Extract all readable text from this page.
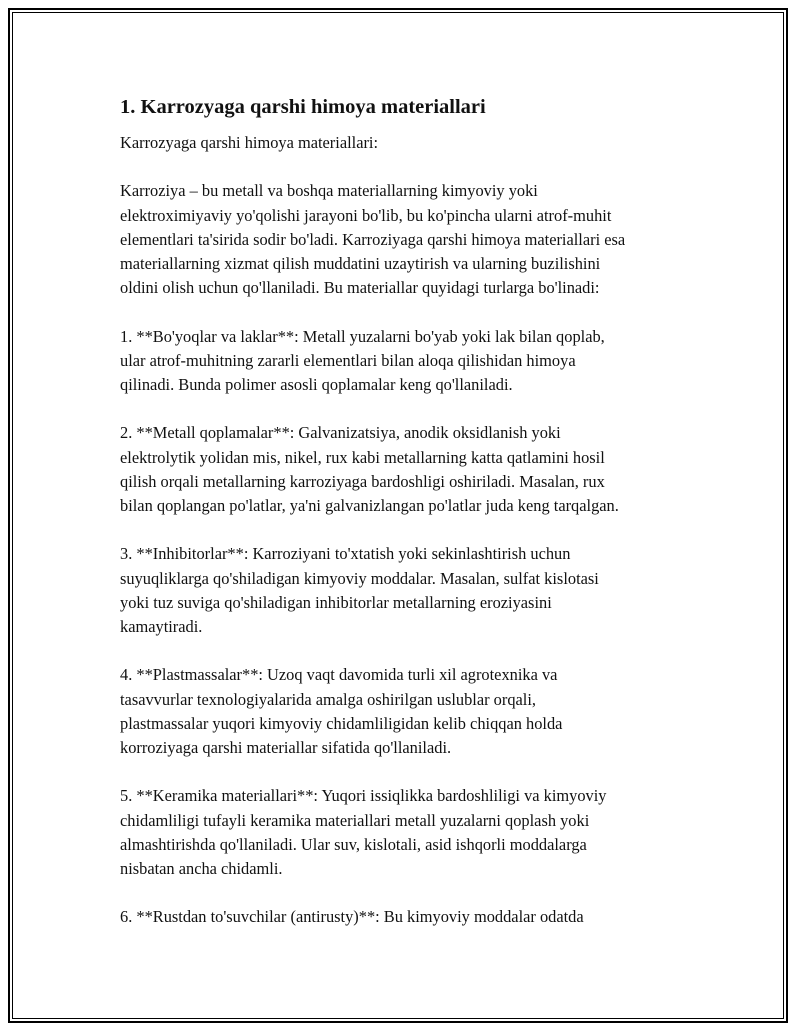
1. Karrozyaga qarshi himoya materiallari

Karrozyaga qarshi himoya materiallari:

Karroziya – bu metall va boshqa materiallarning kimyoviy yoki
elektroximiyaviy yo'qolishi jarayoni bo'lib, bu ko'pincha ularni atrof-muhit
elementlari ta'sirida sodir bo'ladi. Karroziyaga qarshi himoya materiallari esa
materiallarning xizmat qilish muddatini uzaytirish va ularning buzilishini
oldini olish uchun qo'llaniladi. Bu materiallar quyidagi turlarga bo'linadi:

1. **Bo'yoqlar va laklar**: Metall yuzalarni bo'yab yoki lak bilan qoplab,
ular atrof-muhitning zararli elementlari bilan aloqa qilishidan himoya
qilinadi. Bunda polimer asosli qoplamalar keng qo'llaniladi.

2. **Metall qoplamalar**: Galvanizatsiya, anodik oksidlanish yoki
elektrolytik yolidan mis, nikel, rux kabi metallarning katta qatlamini hosil
qilish orqali metallarning karroziyaga bardoshligi oshiriladi. Masalan, rux
bilan qoplangan po'latlar, ya'ni galvanizlangan po'latlar juda keng tarqalgan.

3. **Inhibitorlar**: Karroziyani to'xtatish yoki sekinlashtirish uchun
suyuqliklarga qo'shiladigan kimyoviy moddalar. Masalan, sulfat kislotasi
yoki tuz suviga qo'shiladigan inhibitorlar metallarning eroziyasini
kamaytiradi.

4. **Plastmassalar**: Uzoq vaqt davomida turli xil agrotexnika va
tasavvurlar texnologiyalarida amalga oshirilgan uslublar orqali,
plastmassalar yuqori kimyoviy chidamliligidan kelib chiqqan holda
korroziyaga qarshi materiallar sifatida qo'llaniladi.

5. **Keramika materiallari**: Yuqori issiqlikka bardoshliligi va kimyoviy
chidamliligi tufayli keramika materiallari metall yuzalarni qoplash yoki
almashtirishda qo'llaniladi. Ular suv, kislotali, asid ishqorli moddalarga
nisbatan ancha chidamli.

6. **Rustdan to'suvchilar (antirusty)**: Bu kimyoviy moddalar odatda
